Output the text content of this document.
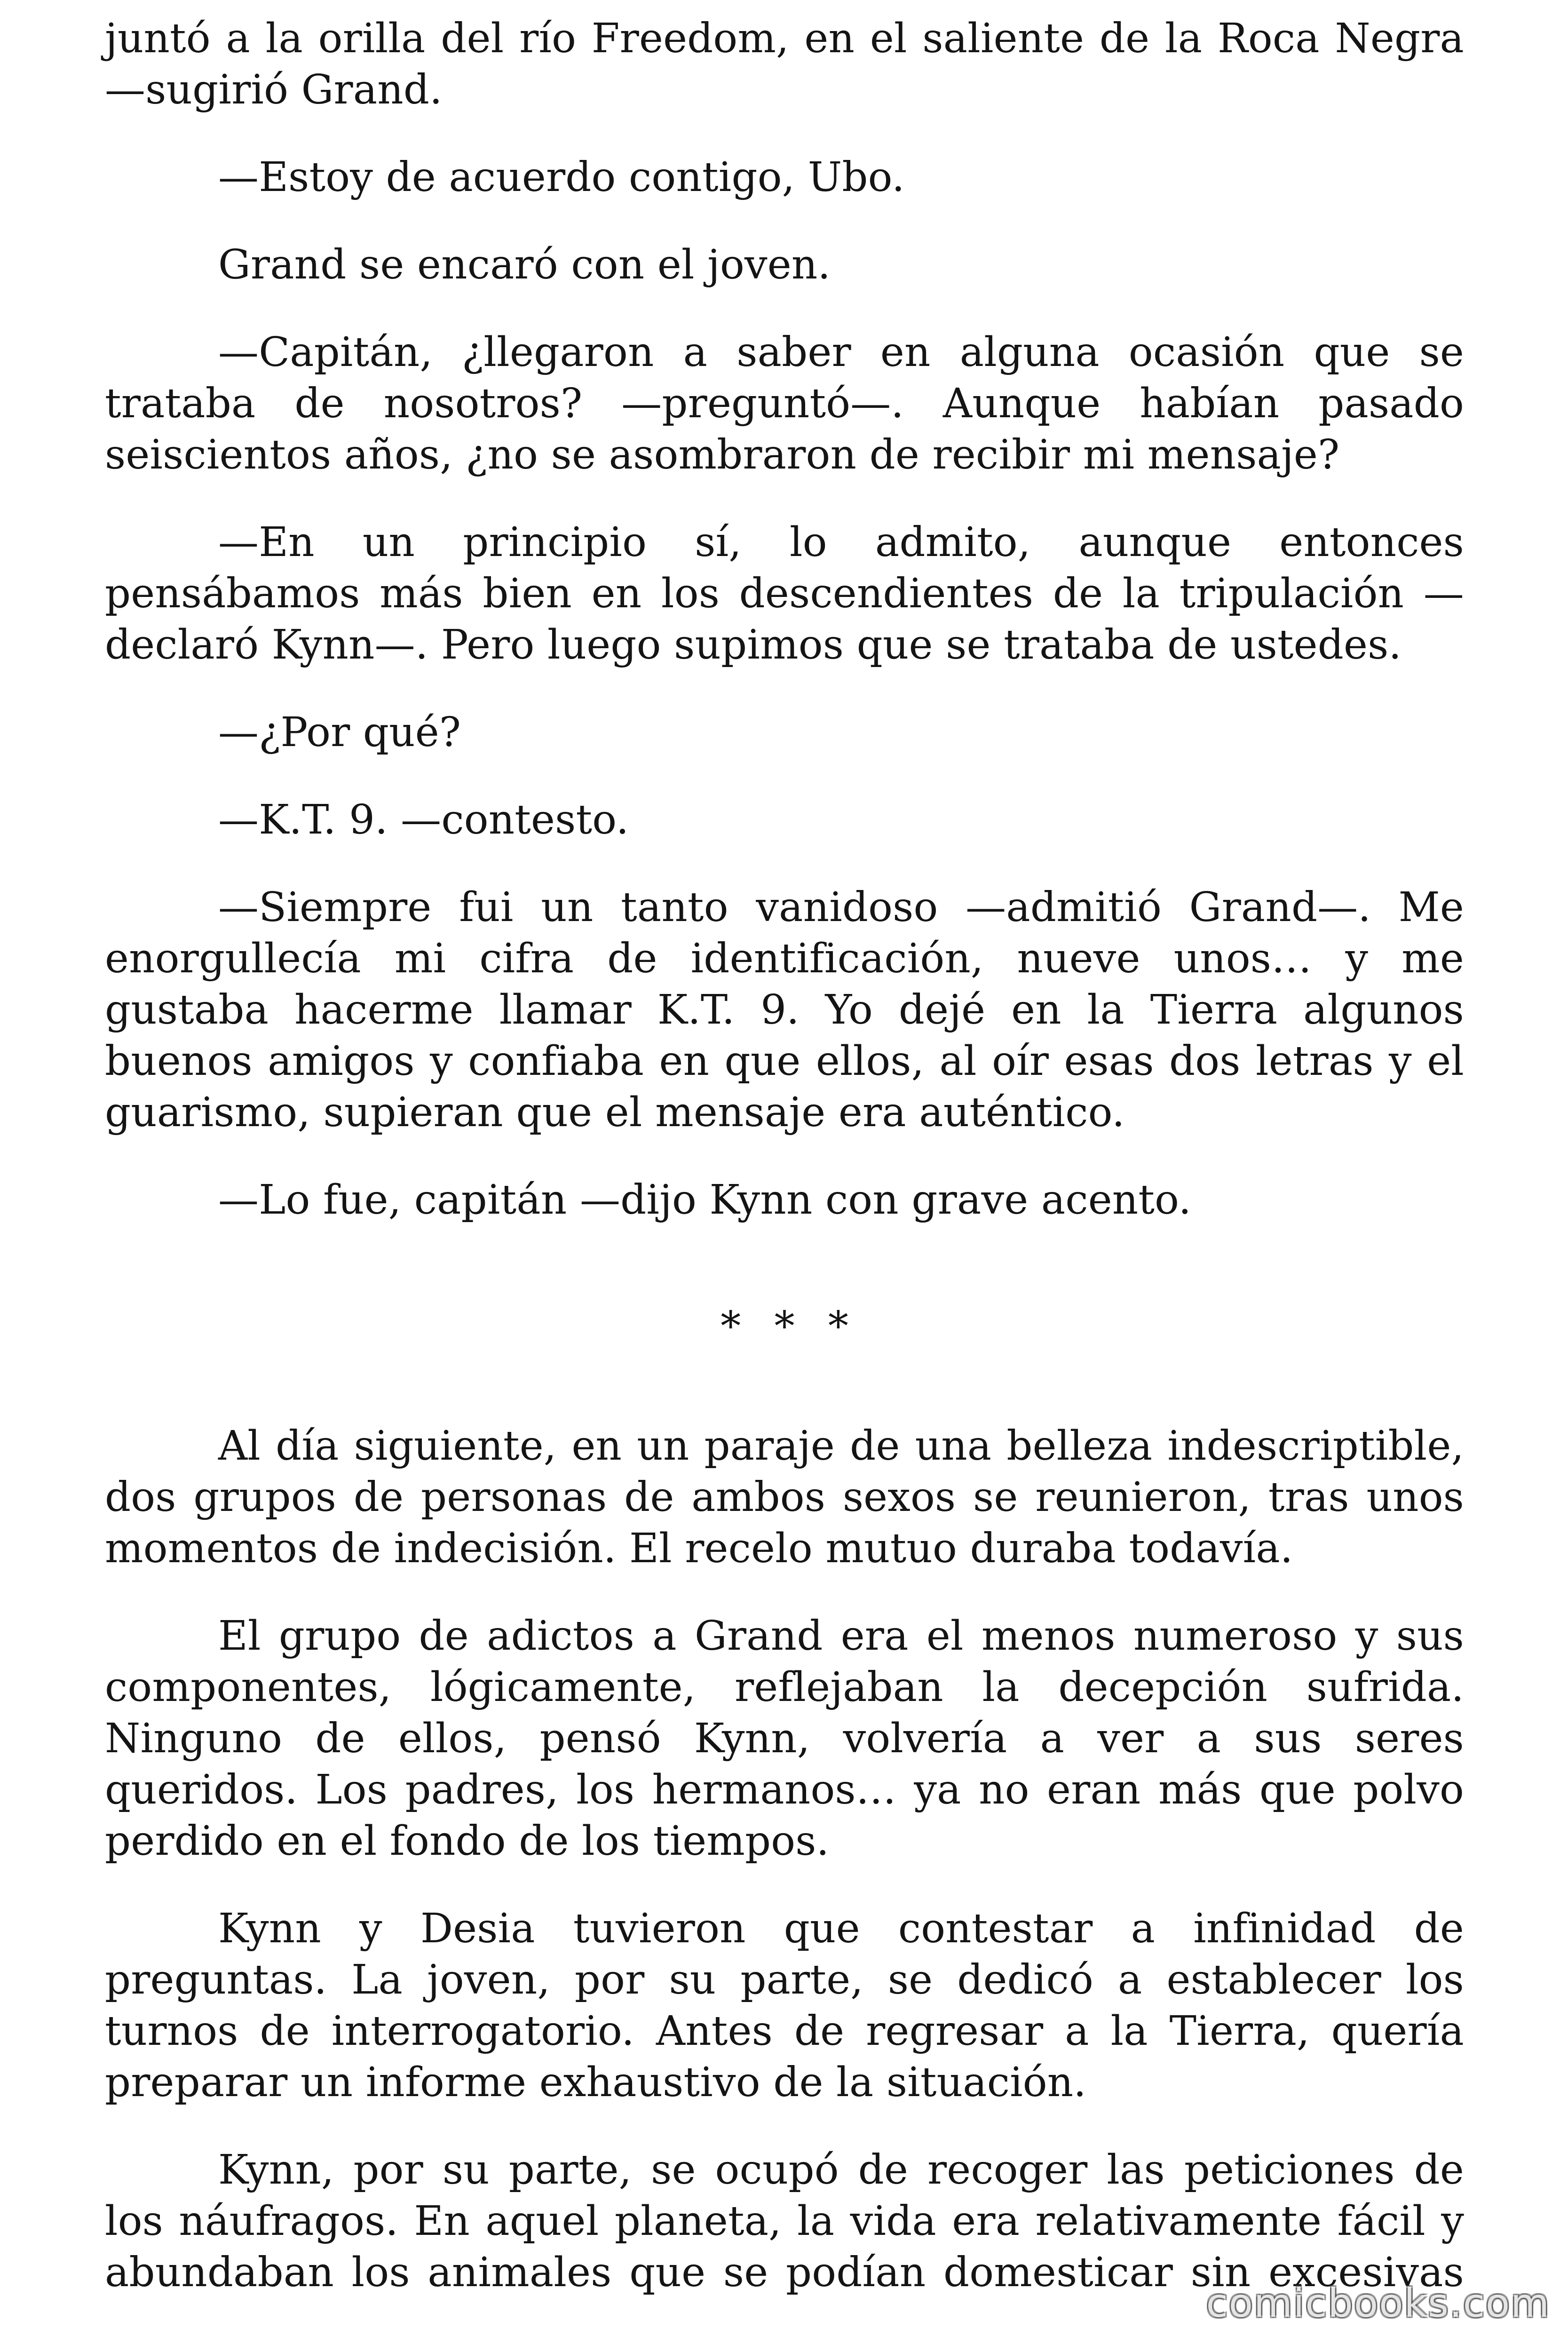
juntó a la orilla del río Freedom, en el saliente de la Roca Negra —sugirió Grand.

—Estoy de acuerdo contigo, Ubo.

Grand se encaró con el joven.

—Capitán, ¿llegaron a saber en alguna ocasión que se trataba de nosotros? —preguntó—. Aunque habían pasado seiscientos años, ¿no se asombraron de recibir mi mensaje?

—En un principio sí, lo admito, aunque entonces pensábamos más bien en los descendientes de la tripulación —declaró Kynn—. Pero luego supimos que se trataba de ustedes.

—¿Por qué?

—K.T. 9. —contesto.

—Siempre fui un tanto vanidoso —admitió Grand—. Me enorgullecía mi cifra de identificación, nueve unos… y me gustaba hacerme llamar K.T. 9. Yo dejé en la Tierra algunos buenos amigos y confiaba en que ellos, al oír esas dos letras y el guarismo, supieran que el mensaje era auténtico.

—Lo fue, capitán —dijo Kynn con grave acento.

* * *

Al día siguiente, en un paraje de una belleza indescriptible, dos grupos de personas de ambos sexos se reunieron, tras unos momentos de indecisión. El recelo mutuo duraba todavía.

El grupo de adictos a Grand era el menos numeroso y sus componentes, lógicamente, reflejaban la decepción sufrida. Ninguno de ellos, pensó Kynn, volvería a ver a sus seres queridos. Los padres, los hermanos… ya no eran más que polvo perdido en el fondo de los tiempos.

Kynn y Desia tuvieron que contestar a infinidad de preguntas. La joven, por su parte, se dedicó a establecer los turnos de interrogatorio. Antes de regresar a la Tierra, quería preparar un informe exhaustivo de la situación.

Kynn, por su parte, se ocupó de recoger las peticiones de los náufragos. En aquel planeta, la vida era relativamente fácil y abundaban los animales que se podían domesticar sin excesivas

comicbooks.com
